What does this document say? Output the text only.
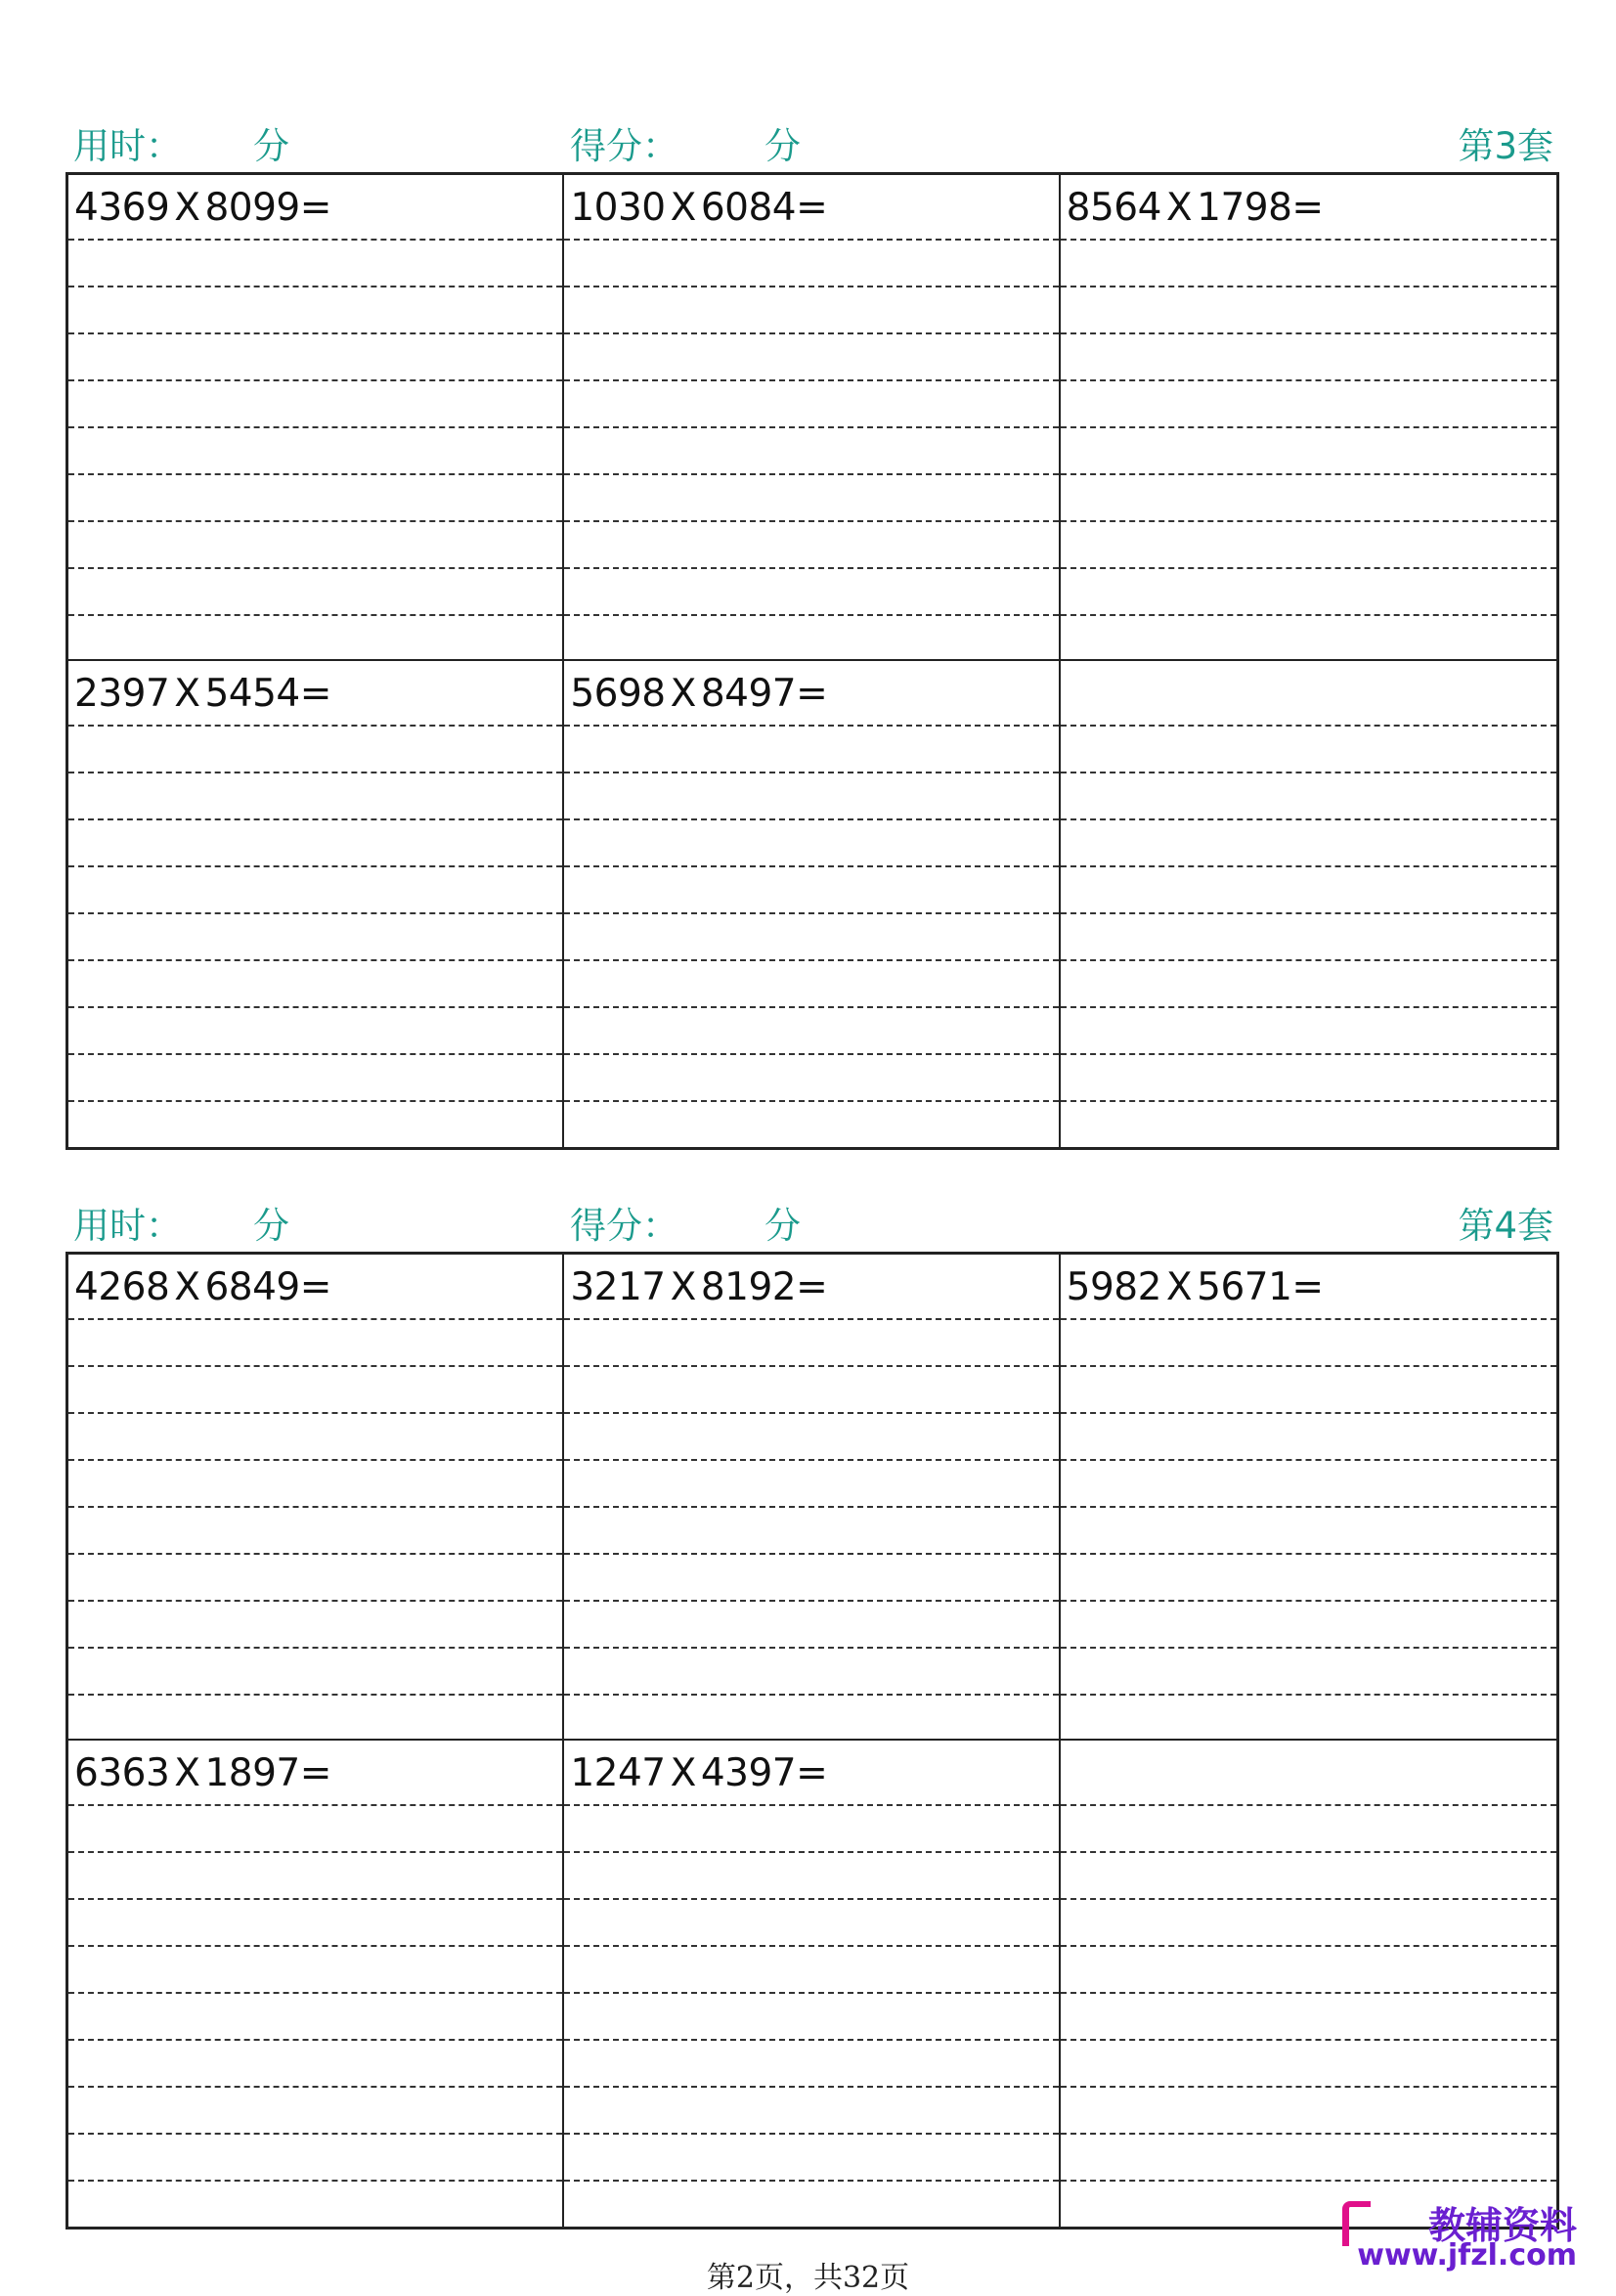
用时： 分	得分： 分	第3套
4369 X 8099=	1030 X 6084=	8564 X 1798=
2397 X 5454=	5698 X 8497=
用时： 分	得分： 分	第4套
4268 X 6849=	3217 X 8192=	5982 X 5671=
6363 X 1897=	1247 X 4397=
第2页，共32页
教辅资料
www.jfzl.com
